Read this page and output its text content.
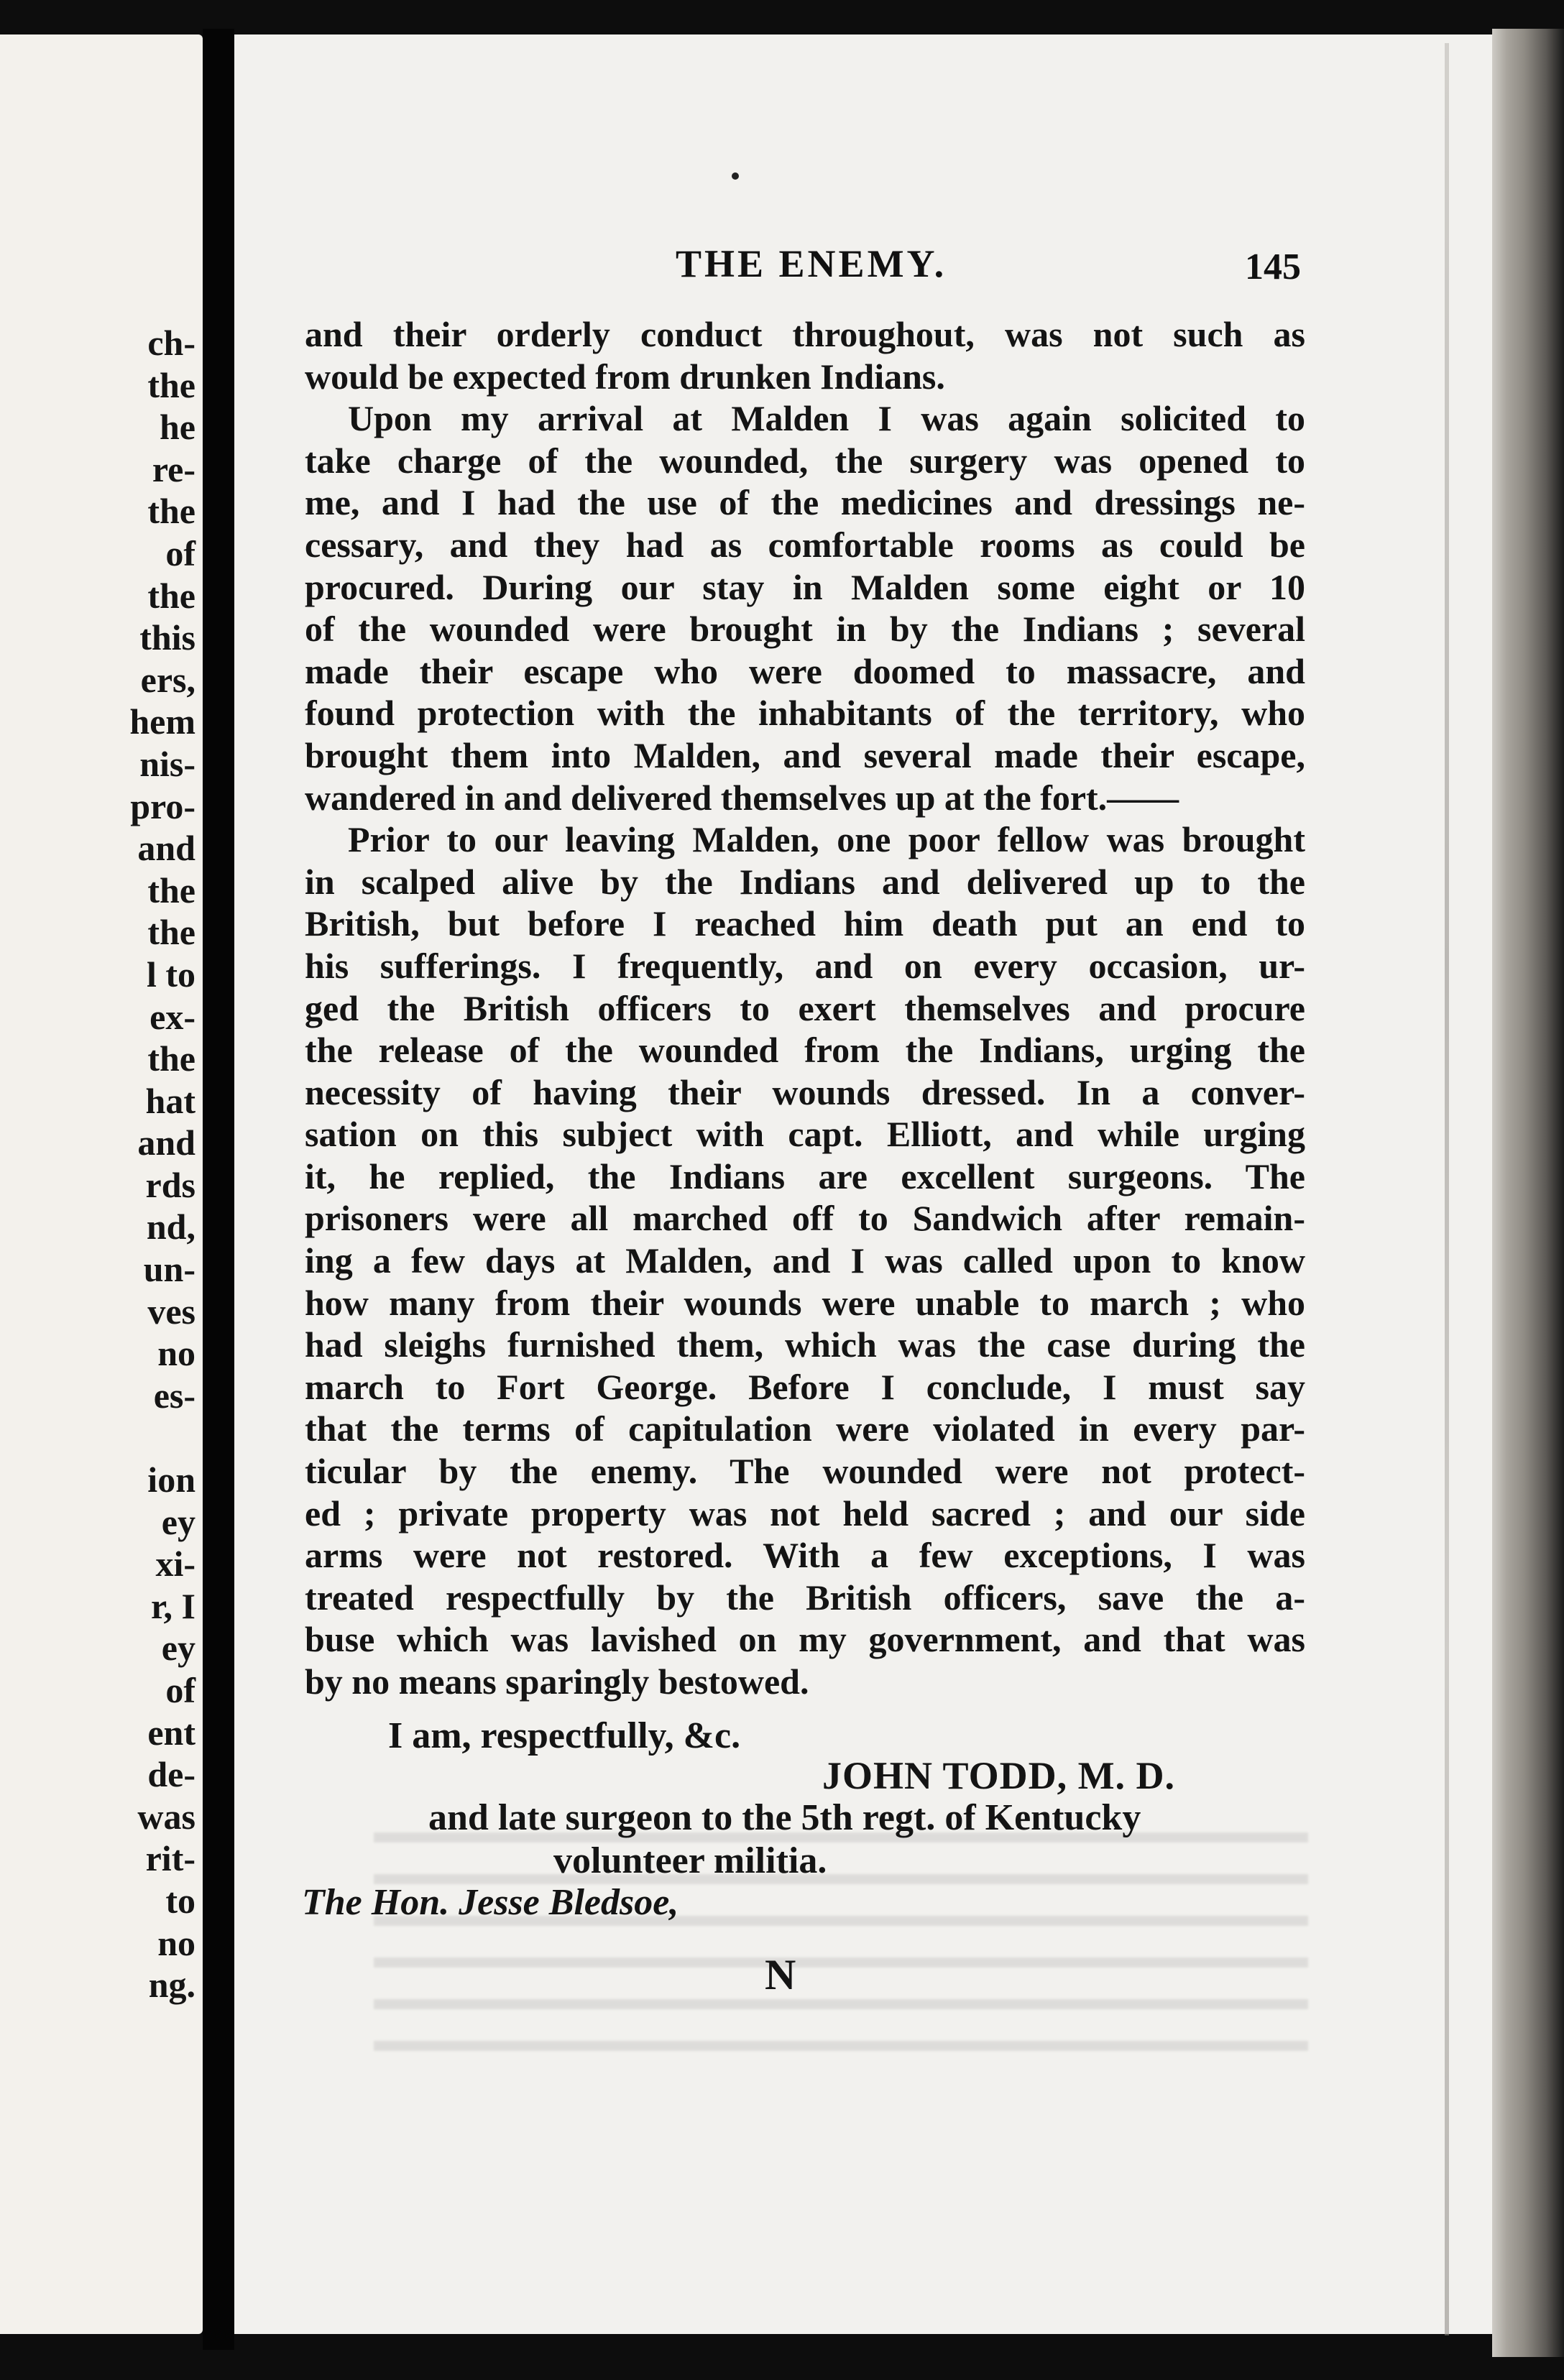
ch-
the
he
re-
the
of
the
this
ers,
hem
nis-
pro-
and
the
the
l to
ex-
the
hat
and
rds
nd,
un-
ves
no
es-

ion
ey
xi-
r, I
ey
of
ent
de-
was
rit-
to
no
ng.
THE ENEMY.	145
and their orderly conduct throughout, was not such as
would be expected from drunken Indians.
Upon my arrival at Malden I was again solicited to
take charge of the wounded, the surgery was opened to
me, and I had the use of the medicines and dressings ne-
cessary, and they had as comfortable rooms as could be
procured. During our stay in Malden some eight or 10
of the wounded were brought in by the Indians ; several
made their escape who were doomed to massacre, and
found protection with the inhabitants of the territory, who
brought them into Malden, and several made their escape,
wandered in and delivered themselves up at the fort.——
Prior to our leaving Malden, one poor fellow was brought
in scalped alive by the Indians and delivered up to the
British, but before I reached him death put an end to
his sufferings. I frequently, and on every occasion, ur-
ged the British officers to exert themselves and procure
the release of the wounded from the Indians, urging the
necessity of having their wounds dressed. In a conver-
sation on this subject with capt. Elliott, and while urging
it, he replied, the Indians are excellent surgeons. The
prisoners were all marched off to Sandwich after remain-
ing a few days at Malden, and I was called upon to know
how many from their wounds were unable to march ; who
had sleighs furnished them, which was the case during the
march to Fort George. Before I conclude, I must say
that the terms of capitulation were violated in every par-
ticular by the enemy. The wounded were not protect-
ed ; private property was not held sacred ; and our side
arms were not restored. With a few exceptions, I was
treated respectfully by the British officers, save the a-
buse which was lavished on my government, and that was
by no means sparingly bestowed.
I am, respectfully, &c.
JOHN TODD, M. D.
and late surgeon to the 5th regt. of Kentucky
volunteer militia.
The Hon. Jesse Bledsoe,
N
